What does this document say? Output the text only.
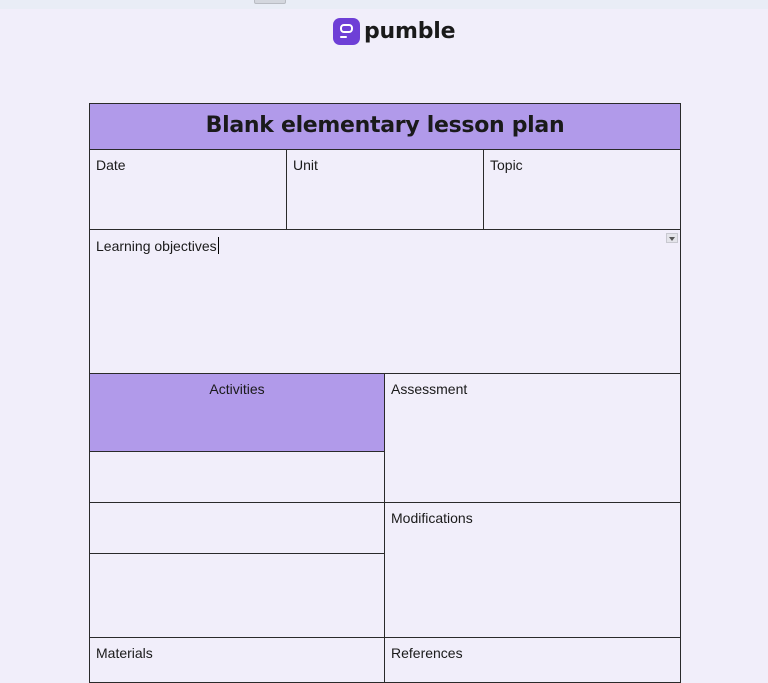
pumble
Blank elementary lesson plan
Date	Unit	Topic
Learning objectives
Activities	Assessment
Modifications
Materials	References
